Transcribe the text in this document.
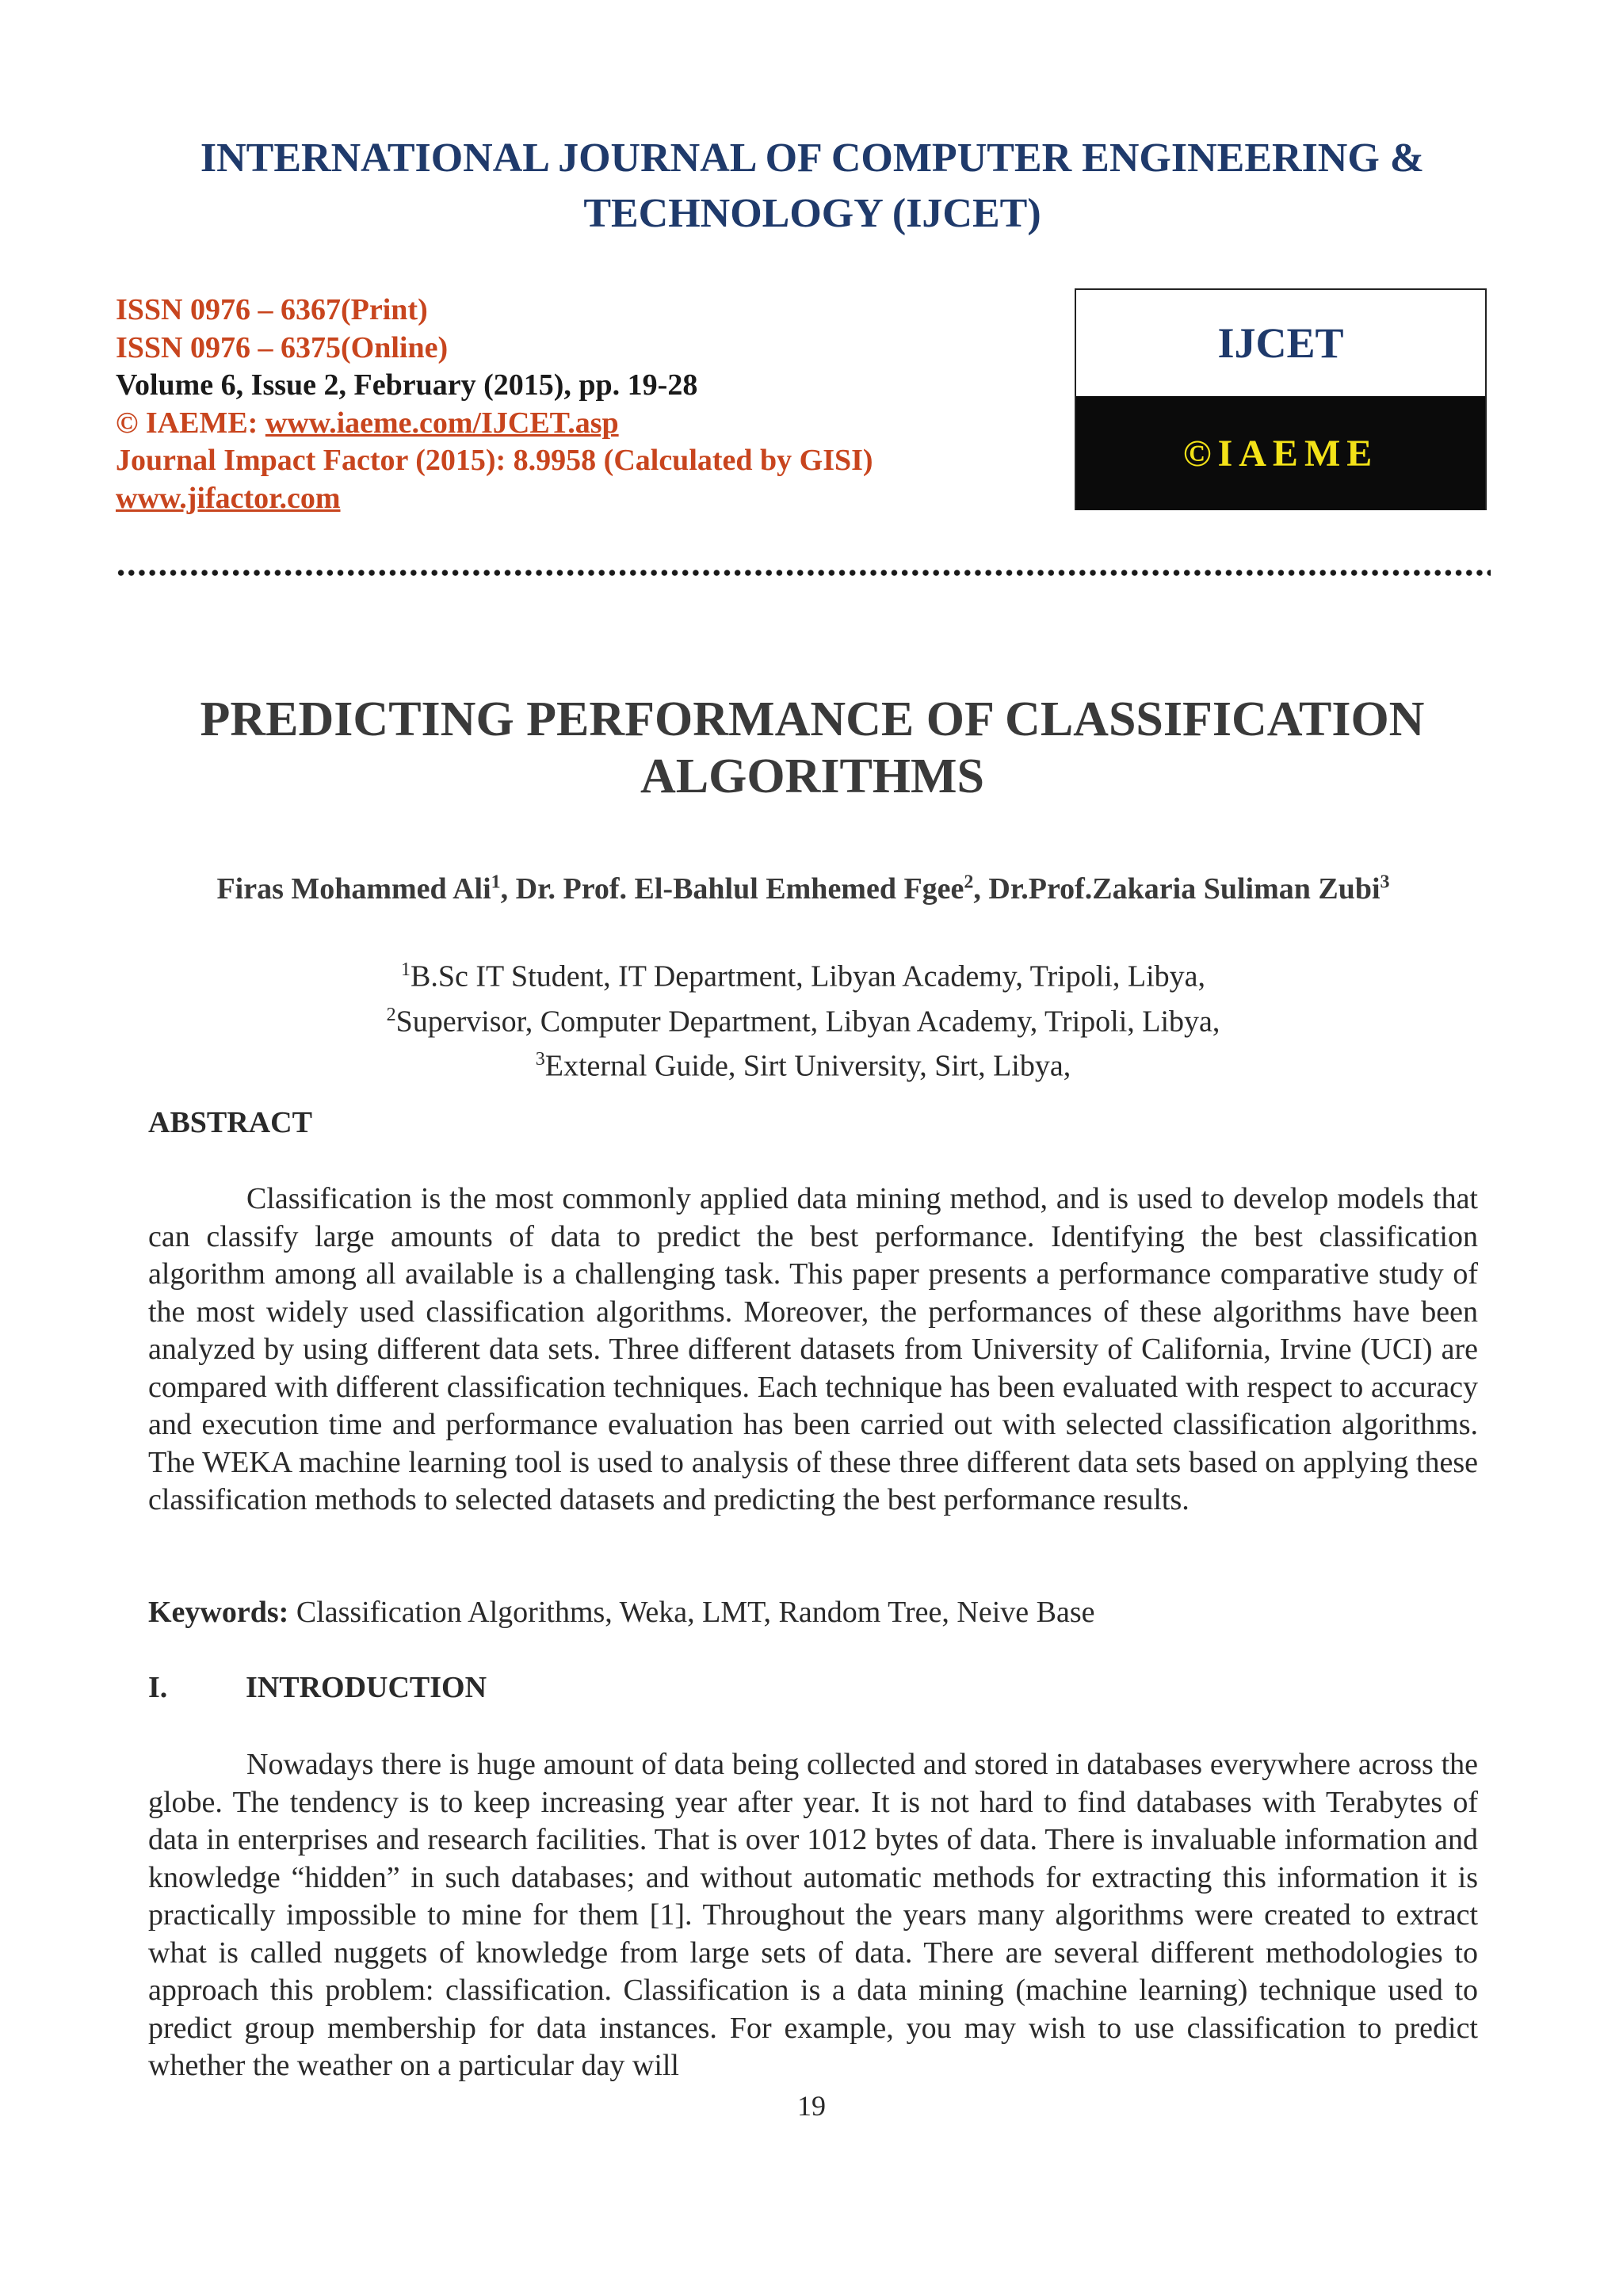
INTERNATIONAL JOURNAL OF COMPUTER ENGINEERING &
TECHNOLOGY (IJCET)
ISSN 0976 – 6367(Print)
ISSN 0976 – 6375(Online)
Volume 6, Issue 2, February (2015), pp. 19-28
© IAEME: www.iaeme.com/IJCET.asp
Journal Impact Factor (2015): 8.9958 (Calculated by GISI)
www.jifactor.com
IJCET
©IAEME
PREDICTING PERFORMANCE OF CLASSIFICATION
ALGORITHMS
Firas Mohammed Ali$^1$, Dr. Prof. El-Bahlul Emhemed Fgee$^2$, Dr.Prof.Zakaria Suliman Zubi$^3$
$^1$B.Sc IT Student, IT Department, Libyan Academy, Tripoli, Libya,
$^2$Supervisor, Computer Department, Libyan Academy, Tripoli, Libya,
$^3$External Guide, Sirt University, Sirt, Libya,
ABSTRACT

Classification is the most commonly applied data mining method, and is used to develop models that can classify large amounts of data to predict the best performance. Identifying the best classification algorithm among all available is a challenging task. This paper presents a performance comparative study of the most widely used classification algorithms. Moreover, the performances of these algorithms have been analyzed by using different data sets. Three different datasets from University of California, Irvine (UCI) are compared with different classification techniques. Each technique has been evaluated with respect to accuracy and execution time and performance evaluation has been carried out with selected classification algorithms. The WEKA machine learning tool is used to analysis of these three different data sets based on applying these classification methods to selected datasets and predicting the best performance results.

Keywords: Classification Algorithms, Weka, LMT, Random Tree, Neive Base
I.	INTRODUCTION

Nowadays there is huge amount of data being collected and stored in databases everywhere across the globe. The tendency is to keep increasing year after year. It is not hard to find databases with Terabytes of data in enterprises and research facilities. That is over 1012 bytes of data. There is invaluable information and knowledge “hidden” in such databases; and without automatic methods for extracting this information it is practically impossible to mine for them [1]. Throughout the years many algorithms were created to extract what is called nuggets of knowledge from large sets of data. There are several different methodologies to approach this problem: classification. Classification is a data mining (machine learning) technique used to predict group membership for data instances. For example, you may wish to use classification to predict whether the weather on a particular day will

19
